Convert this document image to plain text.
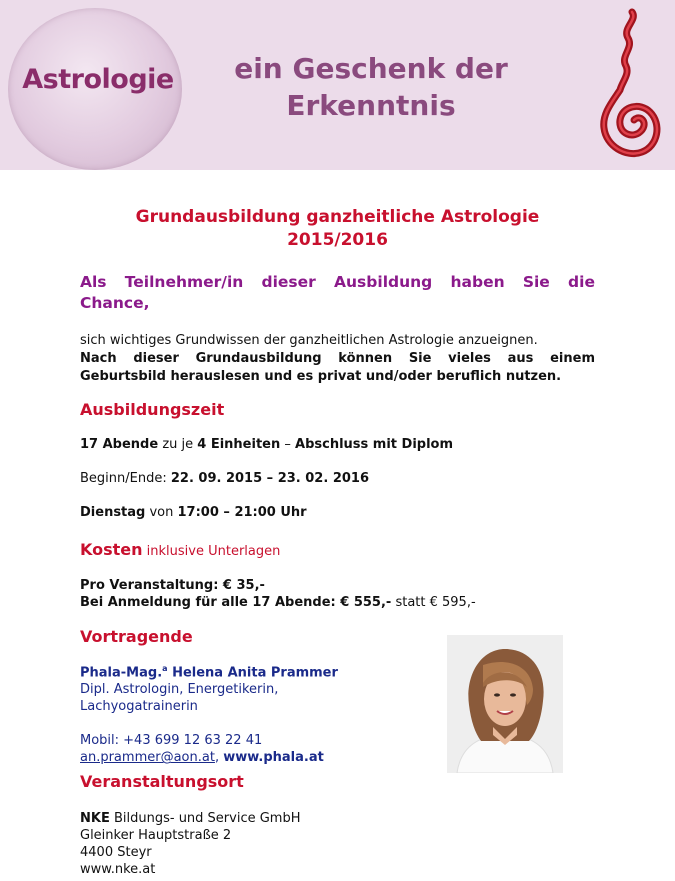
Astrologie	ein Geschenk der
Erkenntnis
Grundausbildung ganzheitliche Astrologie
2015/2016
Als Teilnehmer/in dieser Ausbildung haben Sie die
Chance,
sich wichtiges Grundwissen der ganzheitlichen Astrologie anzueignen.
Nach dieser Grundausbildung können Sie vieles aus einem
Geburtsbild herauslesen und es privat und/oder beruflich nutzen.
Ausbildungszeit
17 Abende zu je 4 Einheiten – Abschluss mit Diplom
Beginn/Ende: 22. 09. 2015 – 23. 02. 2016
Dienstag von 17:00 – 21:00 Uhr
Kosten inklusive Unterlagen
Pro Veranstaltung: € 35,-
Bei Anmeldung für alle 17 Abende: € 555,- statt € 595,-
Vortragende
Phala-Mag.$^a$ Helena Anita Prammer
Dipl. Astrologin, Energetikerin,
Lachyogatrainerin
Mobil: +43 699 12 63 22 41
an.prammer@aon.at, www.phala.at
Veranstaltungsort
NKE Bildungs- und Service GmbH
Gleinker Hauptstraße 2
4400 Steyr
www.nke.at
